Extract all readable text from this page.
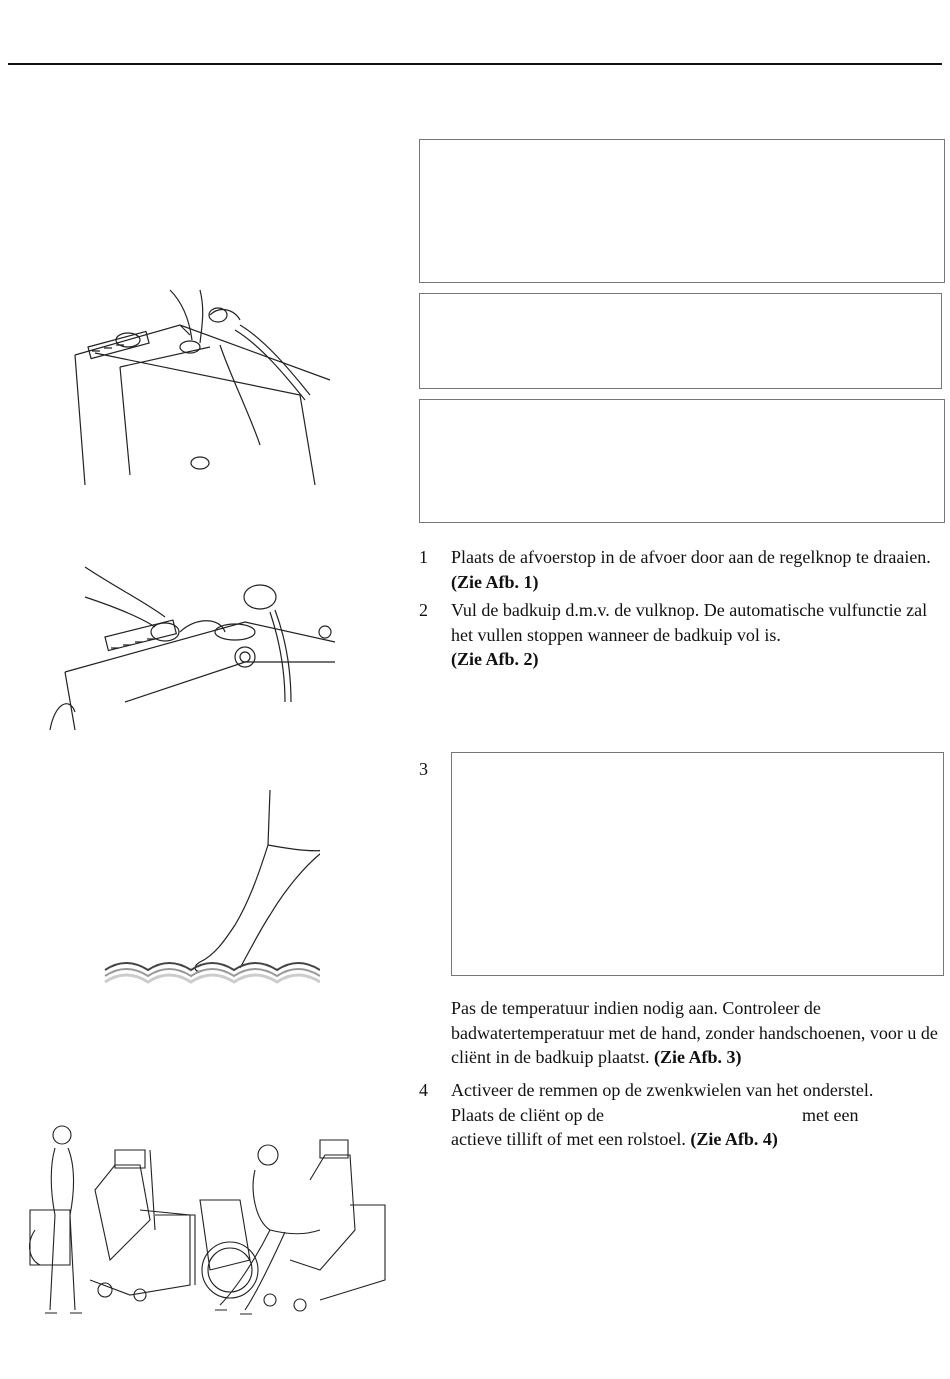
1	Plaats de afvoerstop in de afvoer door aan de regelknop te draaien. (Zie Afb. 1)
2	Vul de badkuip d.m.v. de vulknop. De automatische vulfunctie zal het vullen stoppen wanneer de badkuip vol is.
(Zie Afb. 2)
3
Pas de temperatuur indien nodig aan. Controleer de badwatertemperatuur met de hand, zonder handschoenen, voor u de cliënt in de badkuip plaatst. (Zie Afb. 3)
4	Activeer de remmen op de zwenkwielen van het onderstel.
Plaats de cliënt op de	met een
actieve tillift of met een rolstoel. (Zie Afb. 4)
